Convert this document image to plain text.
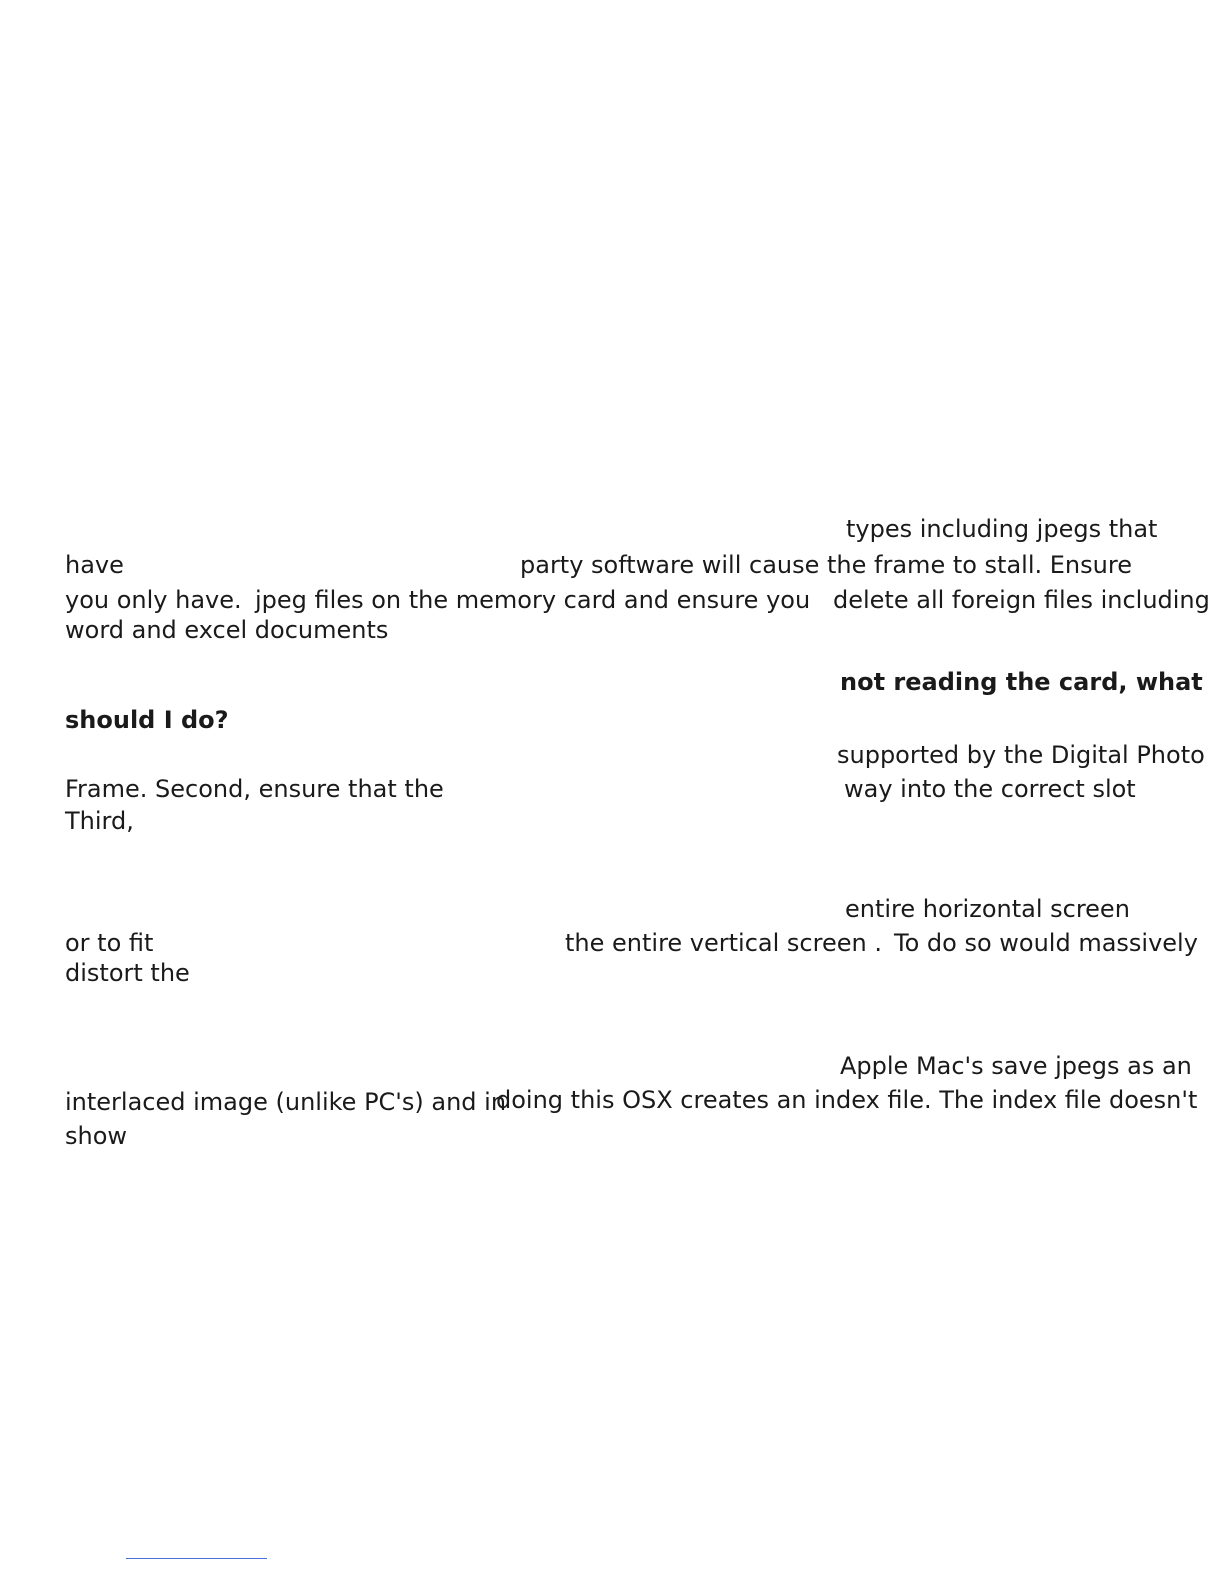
types including jpegs that
have	party software will cause the frame to stall. Ensure
you only have. jpeg files on the memory card and ensure you delete all foreign files including
word and excel documents
not reading the card, what
should I do?
supported by the Digital Photo
Frame. Second, ensure that the	way into the correct slot
Third,
entire horizontal screen
or to fit	the entire vertical screen . To do so would massively
distort the
Apple Mac's save jpegs as an
interlaced image (unlike PC's) and in
doing this OSX creates an index file. The index file doesn't
show
